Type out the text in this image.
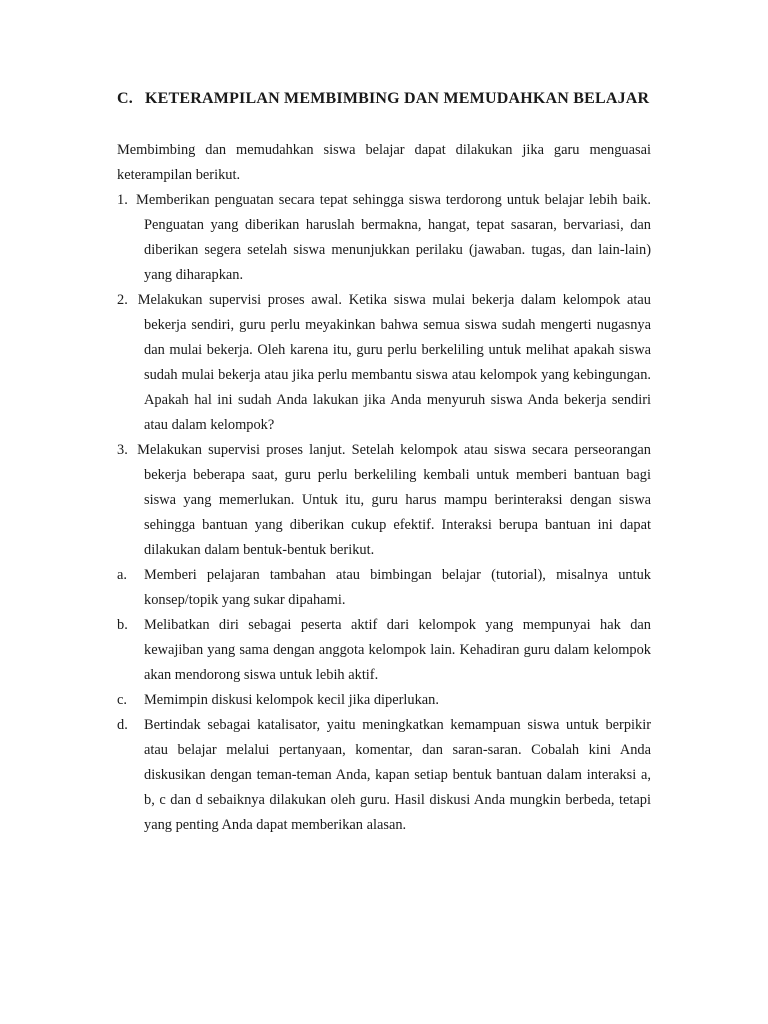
C. KETERAMPILAN MEMBIMBING DAN MEMUDAHKAN BELAJAR

Membimbing dan memudahkan siswa belajar dapat dilakukan jika garu menguasai keterampilan berikut.

1. Memberikan penguatan secara tepat sehingga siswa terdorong untuk belajar lebih baik. Penguatan yang diberikan haruslah bermakna, hangat, tepat sasaran, bervariasi, dan diberikan segera setelah siswa menunjukkan perilaku (jawaban. tugas, dan lain-lain) yang diharapkan.

2. Melakukan supervisi proses awal. Ketika siswa mulai bekerja dalam kelompok atau bekerja sendiri, guru perlu meyakinkan bahwa semua siswa sudah mengerti nugasnya dan mulai bekerja. Oleh karena itu, guru perlu berkeliling untuk melihat apakah siswa sudah mulai bekerja atau jika perlu membantu siswa atau kelompok yang kebingungan. Apakah hal ini sudah Anda lakukan jika Anda menyuruh siswa Anda bekerja sendiri atau dalam kelompok?

3. Melakukan supervisi proses lanjut. Setelah kelompok atau siswa secara perseorangan bekerja beberapa saat, guru perlu berkeliling kembali untuk memberi bantuan bagi siswa yang memerlukan. Untuk itu, guru harus mampu berinteraksi dengan siswa sehingga bantuan yang diberikan cukup efektif. Interaksi berupa bantuan ini dapat dilakukan dalam bentuk-bentuk berikut.

a. Memberi pelajaran tambahan atau bimbingan belajar (tutorial), misalnya untuk konsep/topik yang sukar dipahami.

b. Melibatkan diri sebagai peserta aktif dari kelompok yang mempunyai hak dan kewajiban yang sama dengan anggota kelompok lain. Kehadiran guru dalam kelompok akan mendorong siswa untuk lebih aktif.

c. Memimpin diskusi kelompok kecil jika diperlukan.

d. Bertindak sebagai katalisator, yaitu meningkatkan kemampuan siswa untuk berpikir atau belajar melalui pertanyaan, komentar, dan saran-saran. Cobalah kini Anda diskusikan dengan teman-teman Anda, kapan setiap bentuk bantuan dalam interaksi a, b, c dan d sebaiknya dilakukan oleh guru. Hasil diskusi Anda mungkin berbeda, tetapi yang penting Anda dapat memberikan alasan.
